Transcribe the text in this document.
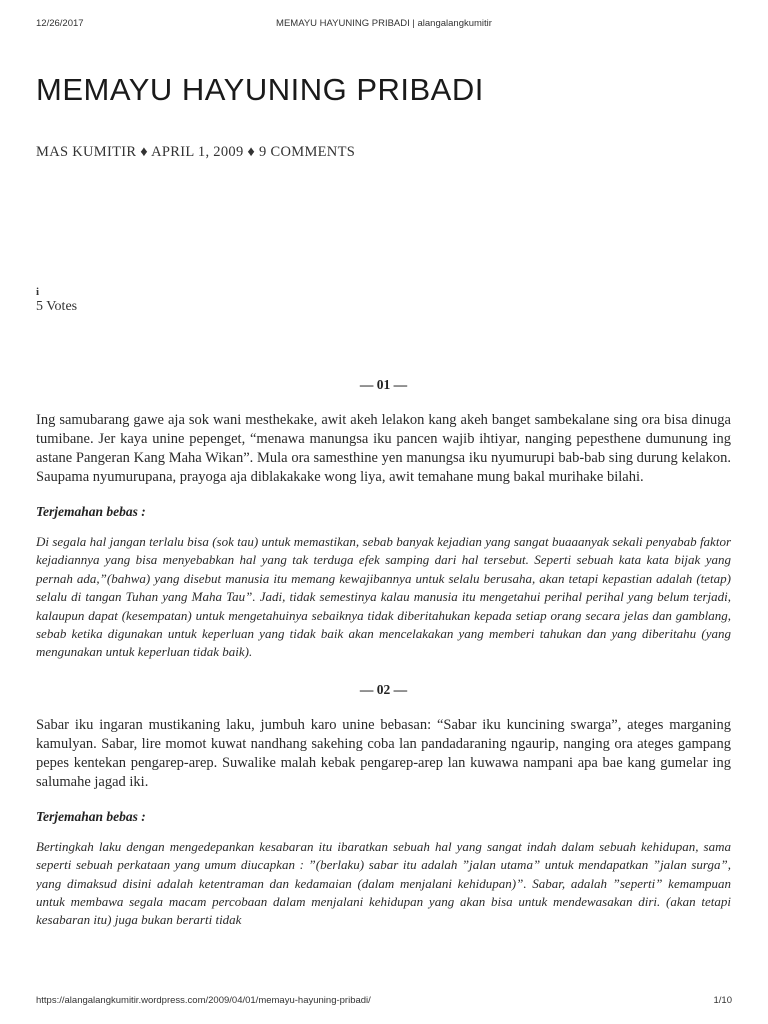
12/26/2017	MEMAYU HAYUNING PRIBADI | alangalangkumitir
MEMAYU HAYUNING PRIBADI
MAS KUMITIR ♦ APRIL 1, 2009 ♦ 9 COMMENTS
i
5 Votes
— 01 —

Ing samubarang gawe aja sok wani mesthekake, awit akeh lelakon kang akeh banget sambekalane sing ora bisa dinuga tumibane. Jer kaya unine pepenget, “menawa manungsa iku pancen wajib ihtiyar, nanging pepesthene dumunung ing astane Pangeran Kang Maha Wikan”. Mula ora samesthine yen manungsa iku nyumurupi bab-bab sing durung kelakon. Saupama nyumurupana, prayoga aja diblakakake wong liya, awit temahane mung bakal murihake bilahi.

Terjemahan bebas :

Di segala hal jangan terlalu bisa (sok tau) untuk memastikan, sebab banyak kejadian yang sangat buaaanyak sekali penyabab faktor kejadiannya yang bisa menyebabkan hal yang tak terduga efek samping dari hal tersebut. Seperti sebuah kata kata bijak yang pernah ada,”(bahwa) yang disebut manusia itu memang kewajibannya untuk selalu berusaha, akan tetapi kepastian adalah (tetap) selalu di tangan Tuhan yang Maha Tau”. Jadi, tidak semestinya kalau manusia itu mengetahui perihal perihal yang belum terjadi, kalaupun dapat (kesempatan) untuk mengetahuinya sebaiknya tidak diberitahukan kepada setiap orang secara jelas dan gamblang, sebab ketika digunakan untuk keperluan yang tidak baik akan mencelakakan yang memberi tahukan dan yang diberitahu (yang mengunakan untuk keperluan tidak baik).

— 02 —

Sabar iku ingaran mustikaning laku, jumbuh karo unine bebasan: “Sabar iku kuncining swarga”, ateges marganing kamulyan. Sabar, lire momot kuwat nandhang sakehing coba lan pandadaraning ngaurip, nanging ora ateges gampang pepes kentekan pengarep-arep. Suwalike malah kebak pengarep-arep lan kuwawa nampani apa bae kang gumelar ing salumahe jagad iki.

Terjemahan bebas :

Bertingkah laku dengan mengedepankan kesabaran itu ibaratkan sebuah hal yang sangat indah dalam sebuah kehidupan, sama seperti sebuah perkataan yang umum diucapkan : ”(berlaku) sabar itu adalah ”jalan utama” untuk mendapatkan ”jalan surga”, yang dimaksud disini adalah ketentraman dan kedamaian (dalam menjalani kehidupan)”. Sabar, adalah ”seperti” kemampuan untuk membawa segala macam percobaan dalam menjalani kehidupan yang akan bisa untuk mendewasakan diri. (akan tetapi kesabaran itu) juga bukan berarti tidak

https://alangalangkumitir.wordpress.com/2009/04/01/memayu-hayuning-pribadi/	1/10
